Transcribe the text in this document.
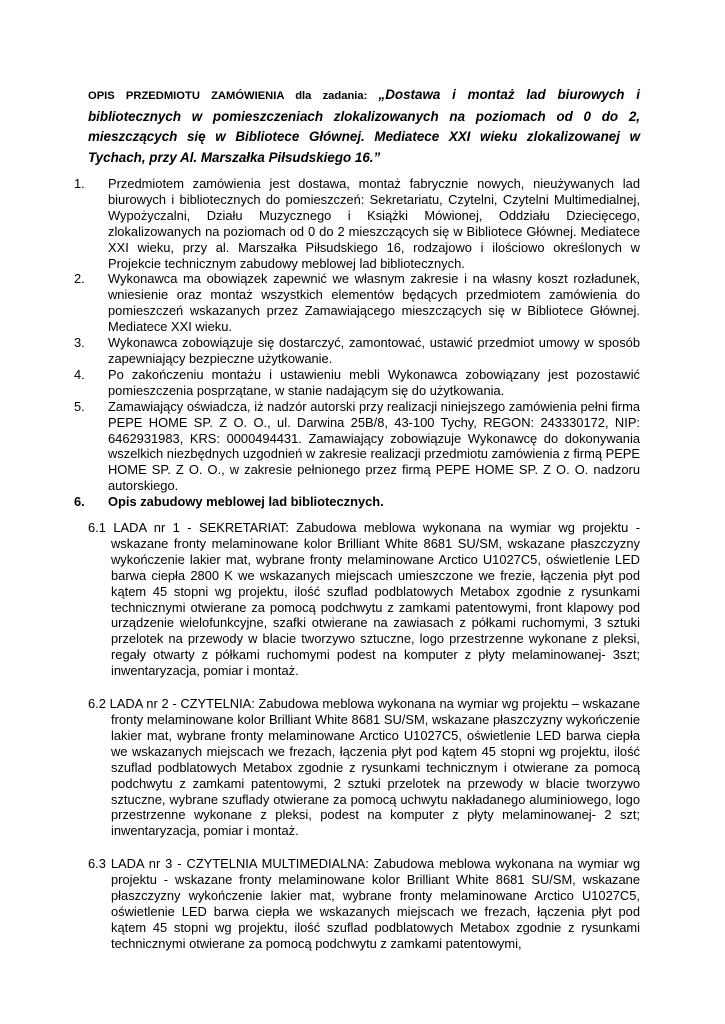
OPIS PRZEDMIOTU ZAMÓWIENIA dla zadania: „Dostawa i montaż lad biurowych i bibliotecznych w pomieszczeniach zlokalizowanych na poziomach od 0 do 2, mieszczących się w Bibliotece Głównej. Mediatece XXI wieku zlokalizowanej w Tychach, przy Al. Marszałka Piłsudskiego 16.”
1.	Przedmiotem zamówienia jest dostawa, montaż fabrycznie nowych, nieużywanych lad biurowych i bibliotecznych do pomieszczeń: Sekretariatu, Czytelni, Czytelni Multimedialnej, Wypożyczalni, Działu Muzycznego i Książki Mówionej, Oddziału Dziecięcego, zlokalizowanych na poziomach od 0 do 2 mieszczących się w Bibliotece Głównej. Mediatece XXI wieku, przy al. Marszałka Piłsudskiego 16, rodzajowo i ilościowo określonych w Projekcie technicznym zabudowy meblowej lad bibliotecznych.
2.	Wykonawca ma obowiązek zapewnić we własnym zakresie i na własny koszt rozładunek, wniesienie oraz montaż wszystkich elementów będących przedmiotem zamówienia do pomieszczeń wskazanych przez Zamawiającego mieszczących się w Bibliotece Głównej. Mediatece XXI wieku.
3.	Wykonawca zobowiązuje się dostarczyć, zamontować, ustawić przedmiot umowy w sposób zapewniający bezpieczne użytkowanie.
4.	Po zakończeniu montażu i ustawieniu mebli Wykonawca zobowiązany jest pozostawić pomieszczenia posprzątane, w stanie nadającym się do użytkowania.
5.	Zamawiający oświadcza, iż nadzór autorski przy realizacji niniejszego zamówienia pełni firma PEPE HOME SP. Z O. O., ul. Darwina 25B/8, 43-100 Tychy, REGON: 243330172, NIP: 6462931983, KRS: 0000494431. Zamawiający zobowiązuje Wykonawcę do dokonywania wszelkich niezbędnych uzgodnień w zakresie realizacji przedmiotu zamówienia z firmą PEPE HOME SP. Z O. O., w zakresie pełnionego przez firmą PEPE HOME SP. Z O. O. nadzoru autorskiego.
6.	Opis zabudowy meblowej lad bibliotecznych.
6.1 LADA nr 1 - SEKRETARIAT: Zabudowa meblowa wykonana na wymiar wg projektu - wskazane fronty melaminowane kolor Brilliant White 8681 SU/SM, wskazane płaszczyzny wykończenie lakier mat, wybrane fronty melaminowane Arctico U1027C5, oświetlenie LED barwa ciepła 2800 K we wskazanych miejscach umieszczone we frezie, łączenia płyt pod kątem 45 stopni wg projektu, ilość szuflad podblatowych Metabox zgodnie z rysunkami technicznymi otwierane za pomocą podchwytu z zamkami patentowymi, front klapowy pod urządzenie wielofunkcyjne, szafki otwierane na zawiasach z półkami ruchomymi, 3 sztuki przelotek na przewody w blacie tworzywo sztuczne, logo przestrzenne wykonane z pleksi, regały otwarty z półkami ruchomymi podest na komputer z płyty melaminowanej- 3szt; inwentaryzacja, pomiar i montaż.
6.2 LADA nr 2 - CZYTELNIA: Zabudowa meblowa wykonana na wymiar wg projektu – wskazane fronty melaminowane kolor Brilliant White 8681 SU/SM, wskazane płaszczyzny wykończenie lakier mat, wybrane fronty melaminowane Arctico U1027C5, oświetlenie LED barwa ciepła we wskazanych miejscach we frezach, łączenia płyt pod kątem 45 stopni wg projektu, ilość szuflad podblatowych Metabox zgodnie z rysunkami technicznym i otwierane za pomocą podchwytu z zamkami patentowymi, 2 sztuki przelotek na przewody w blacie tworzywo sztuczne, wybrane szuflady otwierane za pomocą uchwytu nakładanego aluminiowego, logo przestrzenne wykonane z pleksi, podest na komputer z płyty melaminowanej- 2 szt; inwentaryzacja, pomiar i montaż.
6.3 LADA nr 3 - CZYTELNIA MULTIMEDIALNA: Zabudowa meblowa wykonana na wymiar wg projektu - wskazane fronty melaminowane kolor Brilliant White 8681 SU/SM, wskazane płaszczyzny wykończenie lakier mat, wybrane fronty melaminowane Arctico U1027C5, oświetlenie LED barwa ciepła we wskazanych miejscach we frezach, łączenia płyt pod kątem 45 stopni wg projektu, ilość szuflad podblatowych Metabox zgodnie z rysunkami technicznymi otwierane za pomocą podchwytu z zamkami patentowymi,
